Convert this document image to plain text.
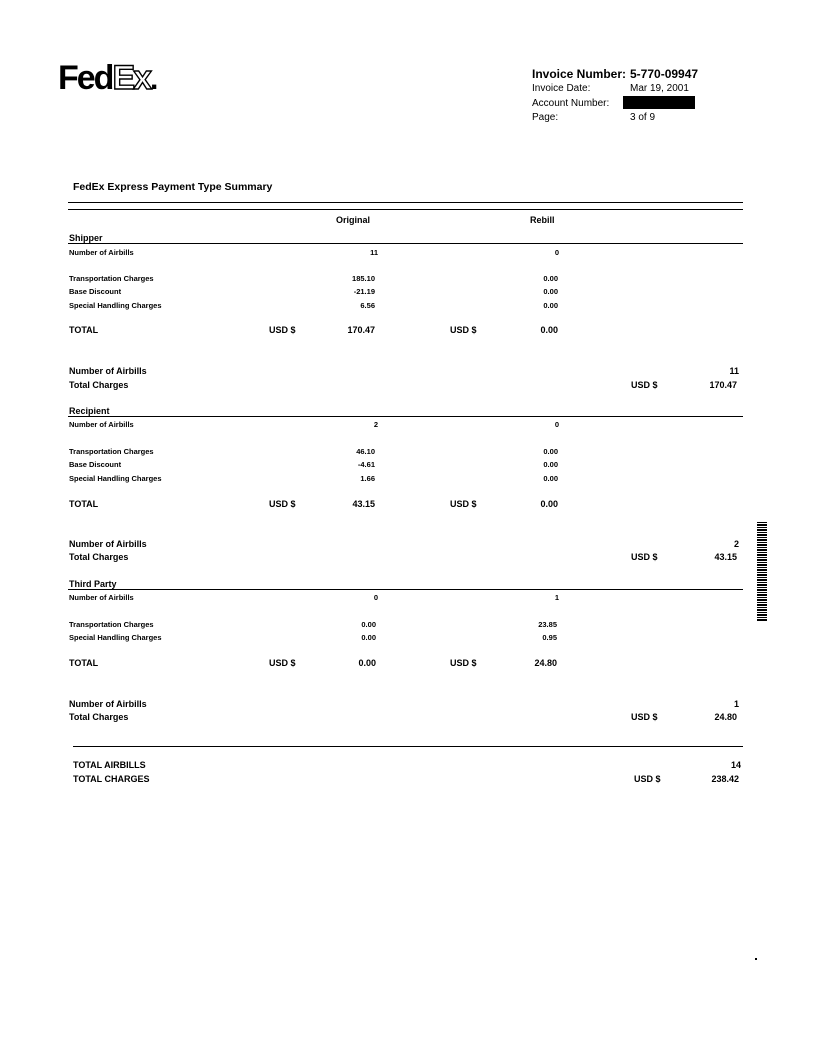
FedEx.	Invoice Number: 5-770-09947
Invoice Date:	Mar 19, 2001
Account Number:
Page:	3 of 9
FedEx Express Payment Type Summary
Original	Rebill
Shipper
Number of Airbills	11	0
Transportation Charges	185.10	0.00
Base Discount	-21.19	0.00
Special Handling Charges	6.56	0.00
TOTAL	USD $	170.47	USD $	0.00
Number of Airbills	11
Total Charges	USD $	170.47
Recipient
Number of Airbills	2	0
Transportation Charges	46.10	0.00
Base Discount	-4.61	0.00
Special Handling Charges	1.66	0.00
TOTAL	USD $	43.15	USD $	0.00
Number of Airbills	2
Total Charges	USD $	43.15
Third Party
Number of Airbills	0	1
Transportation Charges	0.00	23.85
Special Handling Charges	0.00	0.95
TOTAL	USD $	0.00	USD $	24.80
Number of Airbills	1
Total Charges	USD $	24.80
TOTAL AIRBILLS	14
TOTAL CHARGES	USD $	238.42
